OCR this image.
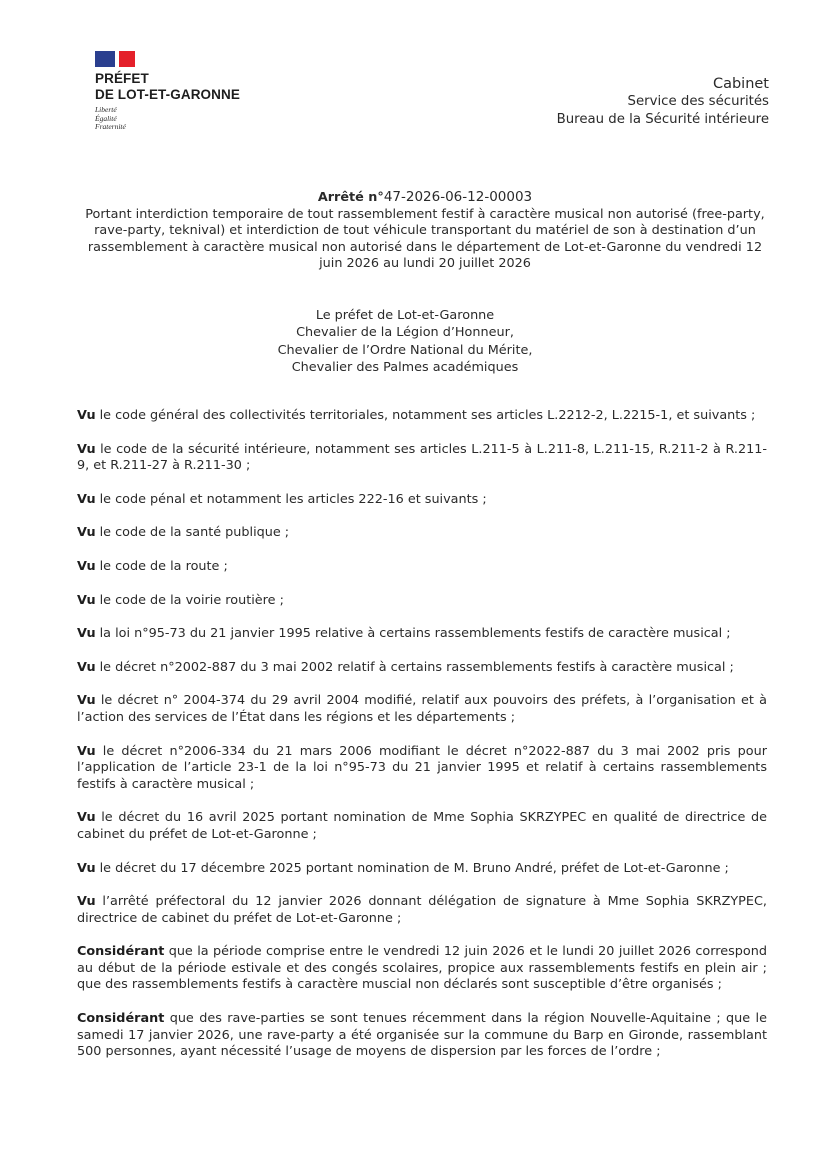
PRÉFET
DE LOT-ET-GARONNE
Liberté
Égalité
Fraternité
Cabinet
Service des sécurités
Bureau de la Sécurité intérieure
Arrêté n°47-2026-06-12-00003
Portant interdiction temporaire de tout rassemblement festif à caractère musical non autorisé (free-party, rave-party, teknival) et interdiction de tout véhicule transportant du matériel de son à destination d’un rassemblement à caractère musical non autorisé dans le département de Lot-et-Garonne du vendredi 12 juin 2026 au lundi 20 juillet 2026
Le préfet de Lot-et-Garonne
Chevalier de la Légion d’Honneur,
Chevalier de l’Ordre National du Mérite,
Chevalier des Palmes académiques

Vu le code général des collectivités territoriales, notamment ses articles L.2212-2, L.2215-1, et suivants ;

Vu le code de la sécurité intérieure, notamment ses articles L.211-5 à L.211-8, L.211-15, R.211-2 à R.211-9, et R.211-27 à R.211-30 ;

Vu le code pénal et notamment les articles 222-16 et suivants ;

Vu le code de la santé publique ;

Vu le code de la route ;

Vu le code de la voirie routière ;

Vu la loi n°95-73 du 21 janvier 1995 relative à certains rassemblements festifs de caractère musical ;

Vu le décret n°2002-887 du 3 mai 2002 relatif à certains rassemblements festifs à caractère musical ;

Vu le décret n° 2004-374 du 29 avril 2004 modifié, relatif aux pouvoirs des préfets, à l’organisation et à l’action des services de l’État dans les régions et les départements ;

Vu le décret n°2006-334 du 21 mars 2006 modifiant le décret n°2022-887 du 3 mai 2002 pris pour l’application de l’article 23-1 de la loi n°95-73 du 21 janvier 1995 et relatif à certains rassemblements festifs à caractère musical ;

Vu le décret du 16 avril 2025 portant nomination de Mme Sophia SKRZYPEC en qualité de directrice de cabinet du préfet de Lot-et-Garonne ;

Vu le décret du 17 décembre 2025 portant nomination de M. Bruno André, préfet de Lot-et-Garonne ;

Vu l’arrêté préfectoral du 12 janvier 2026 donnant délégation de signature à Mme Sophia SKRZYPEC, directrice de cabinet du préfet de Lot-et-Garonne ;

Considérant que la période comprise entre le vendredi 12 juin 2026 et le lundi 20 juillet 2026 correspond au début de la période estivale et des congés scolaires, propice aux rassemblements festifs en plein air ; que des rassemblements festifs à caractère muscial non déclarés sont susceptible d’être organisés ;

Considérant que des rave-parties se sont tenues récemment dans la région Nouvelle-Aquitaine ; que le samedi 17 janvier 2026, une rave-party a été organisée sur la commune du Barp en Gironde, rassemblant 500 personnes, ayant nécessité l’usage de moyens de dispersion par les forces de l’ordre ;
